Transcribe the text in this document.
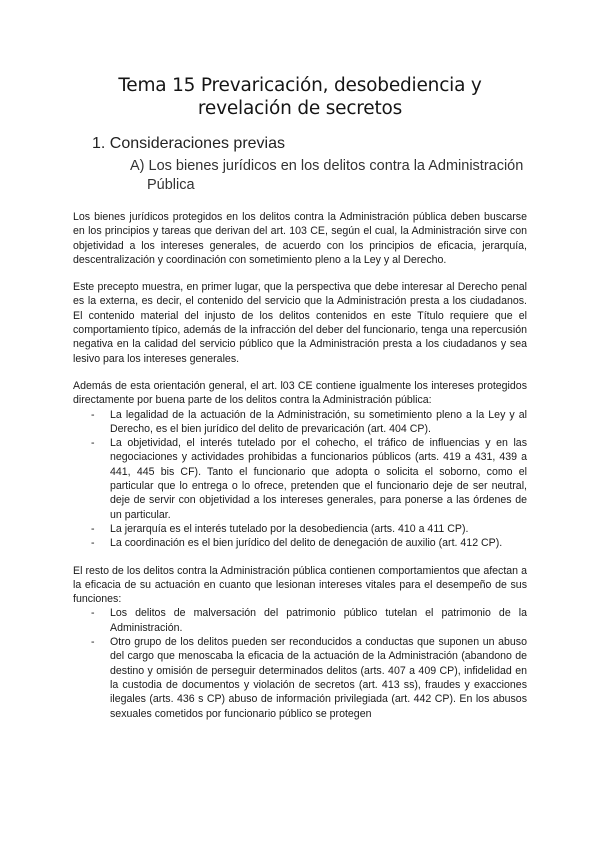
Tema 15 Prevaricación, desobediencia y revelación de secretos
1. Consideraciones previas
A) Los bienes jurídicos en los delitos contra la Administración
Pública

Los bienes jurídicos protegidos en los delitos contra la Administración pública deben buscarse en los principios y tareas que derivan del art. 103 CE, según el cual, la Administración sirve con objetividad a los intereses generales, de acuerdo con los principios de eficacia, jerarquía, descentralización y coordinación con sometimiento pleno a la Ley y al Derecho.

Este precepto muestra, en primer lugar, que la perspectiva que debe interesar al Derecho penal es la externa, es decir, el contenido del servicio que la Administración presta a los ciudadanos. El contenido material del injusto de los delitos contenidos en este Título requiere que el comportamiento típico, además de la infracción del deber del funcionario, tenga una repercusión negativa en la calidad del servicio público que la Administración presta a los ciudadanos y sea lesivo para los intereses generales.

Además de esta orientación general, el art. l03 CE contiene igualmente los intereses protegidos directamente por buena parte de los delitos contra la Administración pública:

- La legalidad de la actuación de la Administración, su sometimiento pleno a la Ley y al Derecho, es el bien jurídico del delito de prevaricación (art. 404 CP).
- La objetividad, el interés tutelado por el cohecho, el tráfico de influencias y en las negociaciones y actividades prohibidas a funcionarios públicos (arts. 419 a 431, 439 a 441, 445 bis CF). Tanto el funcionario que adopta o solicita el soborno, como el particular que lo entrega o lo ofrece, pretenden que el funcionario deje de ser neutral, deje de servir con objetividad a los intereses generales, para ponerse a las órdenes de un particular.
- La jerarquía es el interés tutelado por la desobediencia (arts. 410 a 411 CP).
- La coordinación es el bien jurídico del delito de denegación de auxilio (art. 412 CP).

El resto de los delitos contra la Administración pública contienen comportamientos que afectan a la eficacia de su actuación en cuanto que lesionan intereses vitales para el desempeño de sus funciones:

- Los delitos de malversación del patrimonio público tutelan el patrimonio de la Administración.
- Otro grupo de los delitos pueden ser reconducidos a conductas que suponen un abuso del cargo que menoscaba la eficacia de la actuación de la Administración (abandono de destino y omisión de perseguir determinados delitos (arts. 407 a 409 CP), infidelidad en la custodia de documentos y violación de secretos (art. 413 ss), fraudes y exacciones ilegales (arts. 436 s CP) abuso de información privilegiada (art. 442 CP). En los abusos sexuales cometidos por funcionario público se protegen
